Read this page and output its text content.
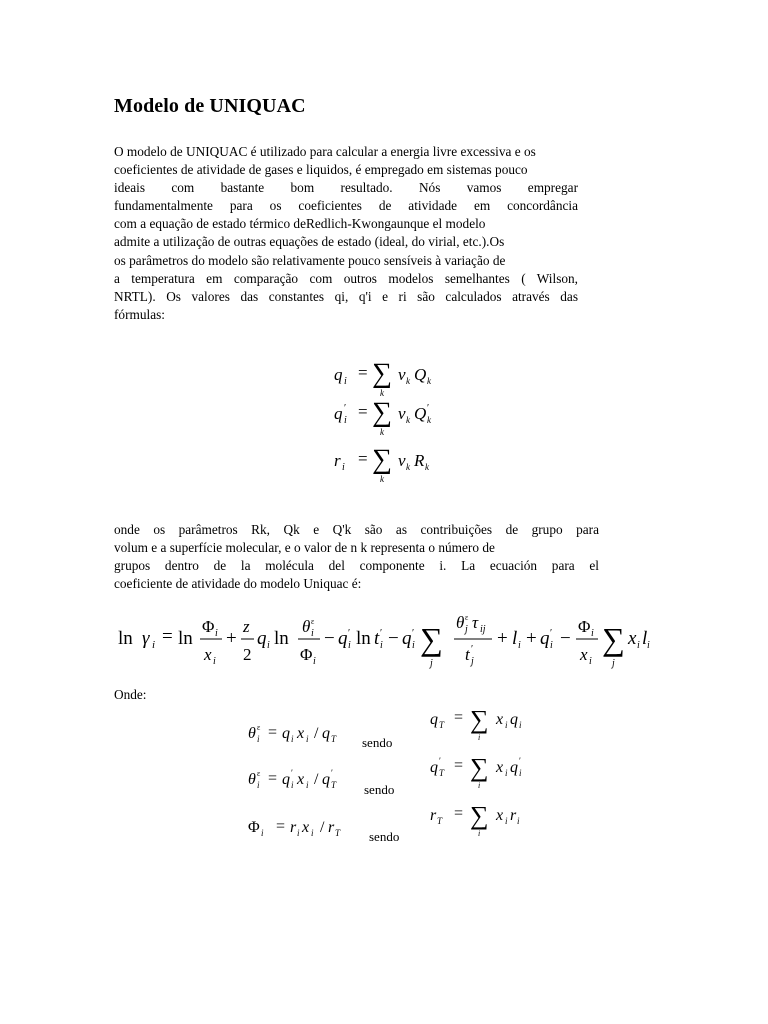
Modelo de UNIQUAC

O modelo de UNIQUAC é utilizado para calcular a energia livre excessiva e os
coeficientes de atividade de gases e liquidos, é empregado em sistemas pouco
ideais com bastante bom resultado. Nós vamos empregar
fundamentalmente para os coeficientes de atividade em concordância
com a equação de estado térmico deRedlich-Kwongaunque el modelo
admite a utilização de outras equações de estado (ideal, do virial, etc.).Os
os parâmetros do modelo são relativamente pouco sensíveis à variação de
a temperatura em comparação com outros modelos semelhantes ( Wilson,
NRTL). Os valores das constantes qi, q'i e ri são calculados através das
fórmulas:

q i = ∑
k
ν k Q k
q ′
i = ∑
k
ν k Q ′
k
r i = ∑
k
ν k R k

onde os parâmetros Rk, Qk e Q'k são as contribuições de grupo para
volum e a superfície molecular, e o valor de n k representa o número de
grupos dentro de la molécula del componente i. La ecuación para el
coeficiente de atividade do modelo Uniquac é:

ln γ i = ln
Φ i
x i
+
z
2
q i ln
θ ε
i
Φ i
− q ′
i ln t ′
i − q ′
i ∑
j
θ ε
j τ ij
t ′
j
+ l i + q ′
i −
Φ i
x i
∑
j
x i l i

Onde:

θ ε
i = q i x i / q T
θ ε
i = q ′
i x i / q ′
T
Φ i = r i x i / r T
sendo
sendo
sendo
q T = ∑
i
x i q i
q ′
T = ∑
i
x i q ′
i
r T = ∑
i
x i r i
